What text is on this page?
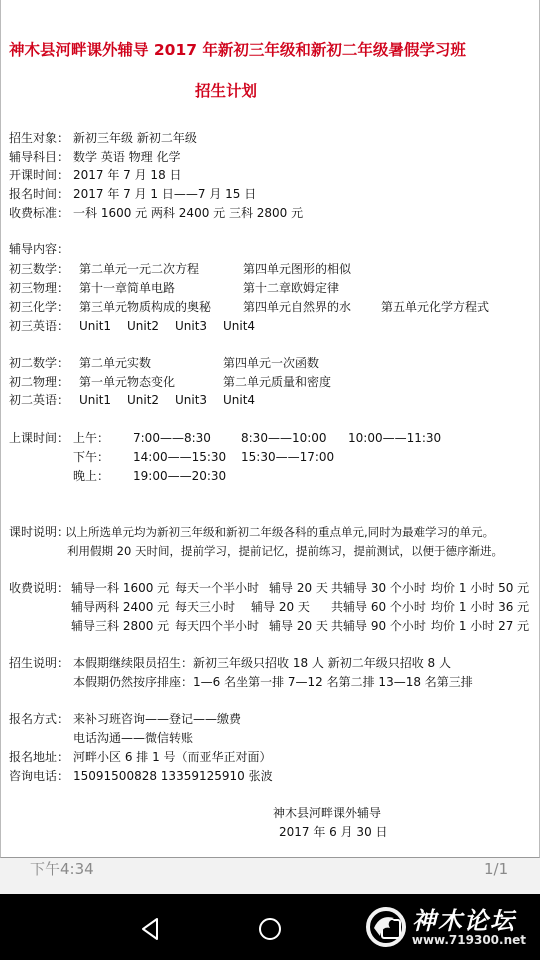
神木县河畔课外辅导 2017 年新初三年级和新初二年级暑假学习班
招生计划
招生对象： 新初三年级 新初二年级
辅导科目： 数学 英语 物理 化学
开课时间： 2017 年 7 月 18 日
报名时间： 2017 年 7 月 1 日——7 月 15 日
收费标准： 一科 1600 元 两科 2400 元 三科 2800 元
辅导内容：
初三数学： 第二单元一元二次方程	第四单元图形的相似
初三物理： 第十一章简单电路	第十二章欧姆定律
初三化学： 第三单元物质构成的奥秘	第四单元自然界的水 第五单元化学方程式
初三英语： Unit1 Unit2 Unit3 Unit4
初二数学： 第二单元实数	第四单元一次函数
初二物理： 第一单元物态变化	第二单元质量和密度
初二英语： Unit1 Unit2 Unit3 Unit4
上课时间： 上午： 7:00——8:30	8:30——10:00 10:00——11:30
下午： 14:00——15:30 15:30——17:00
晚上： 19:00——20:30
课时说明：
以上所选单元均为新初三年级和新初二年级各科的重点单元,同时为最难学习的单元。
利用假期 20 天时间，提前学习，提前记忆，提前练习，提前测试，以便于德序渐进。
收费说明： 辅导一科 1600 元 每天一个半小时 辅导 20 天 共辅导 30 个小时 均价 1 小时 50 元
辅导两科 2400 元 每天三小时 辅导 20 天 共辅导 60 个小时 均价 1 小时 36 元
辅导三科 2800 元 每天四个半小时 辅导 20 天 共辅导 90 个小时 均价 1 小时 27 元
招生说明： 本假期继续限员招生：新初三年级只招收 18 人 新初二年级只招收 8 人
本假期仍然按序排座：1—6 名坐第一排 7—12 名第二排 13—18 名第三排
报名方式： 来补习班咨询——登记——缴费
电话沟通——微信转账
报名地址： 河畔小区 6 排 1 号（而亚华正对面）
咨询电话： 15091500828 13359125910 张波
神木县河畔课外辅导
2017 年 6 月 30 日
下午4:34	1/1
神木论坛
www.719300.net
